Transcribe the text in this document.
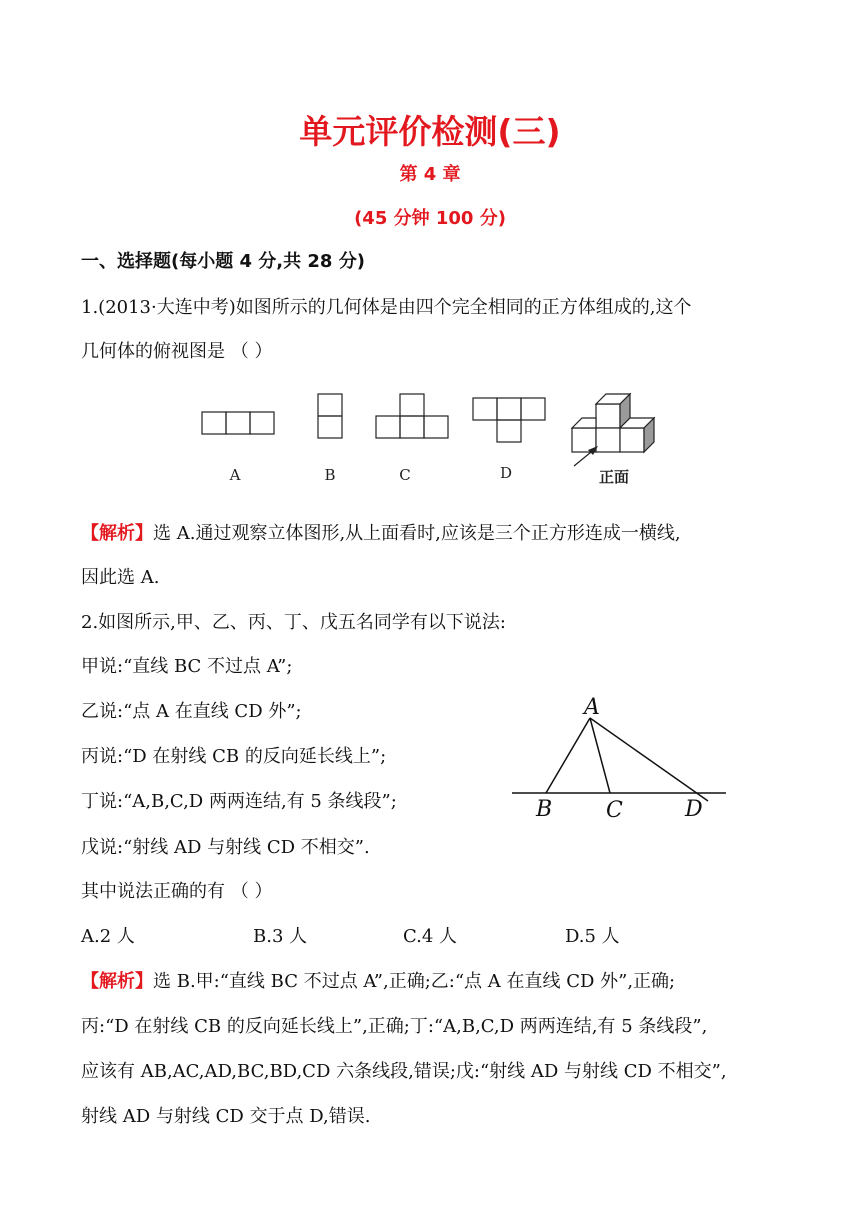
单元评价检测(三)
第 4 章
(45 分钟 100 分)
一、选择题(每小题 4 分,共 28 分)
1.(2013·大连中考)如图所示的几何体是由四个完全相同的正方体组成的,这个
几何体的俯视图是 （ ）
A	B	C	D	正面
【解析】选 A.通过观察立体图形,从上面看时,应该是三个正方形连成一横线,
因此选 A.
2.如图所示,甲、乙、丙、丁、戊五名同学有以下说法:
甲说:“直线 BC 不过点 A”;
乙说:“点 A 在直线 CD 外”;
丙说:“D 在射线 CB 的反向延长线上”;
丁说:“A,B,C,D 两两连结,有 5 条线段”;
戊说:“射线 AD 与射线 CD 不相交”.
其中说法正确的有 （ ）
A
B C	D
A.2 人	B.3 人	C.4 人	D.5 人
【解析】选 B.甲:“直线 BC 不过点 A”,正确;乙:“点 A 在直线 CD 外”,正确;
丙:“D 在射线 CB 的反向延长线上”,正确;丁:“A,B,C,D 两两连结,有 5 条线段”,
应该有 AB,AC,AD,BC,BD,CD 六条线段,错误;戊:“射线 AD 与射线 CD 不相交”,
射线 AD 与射线 CD 交于点 D,错误.
